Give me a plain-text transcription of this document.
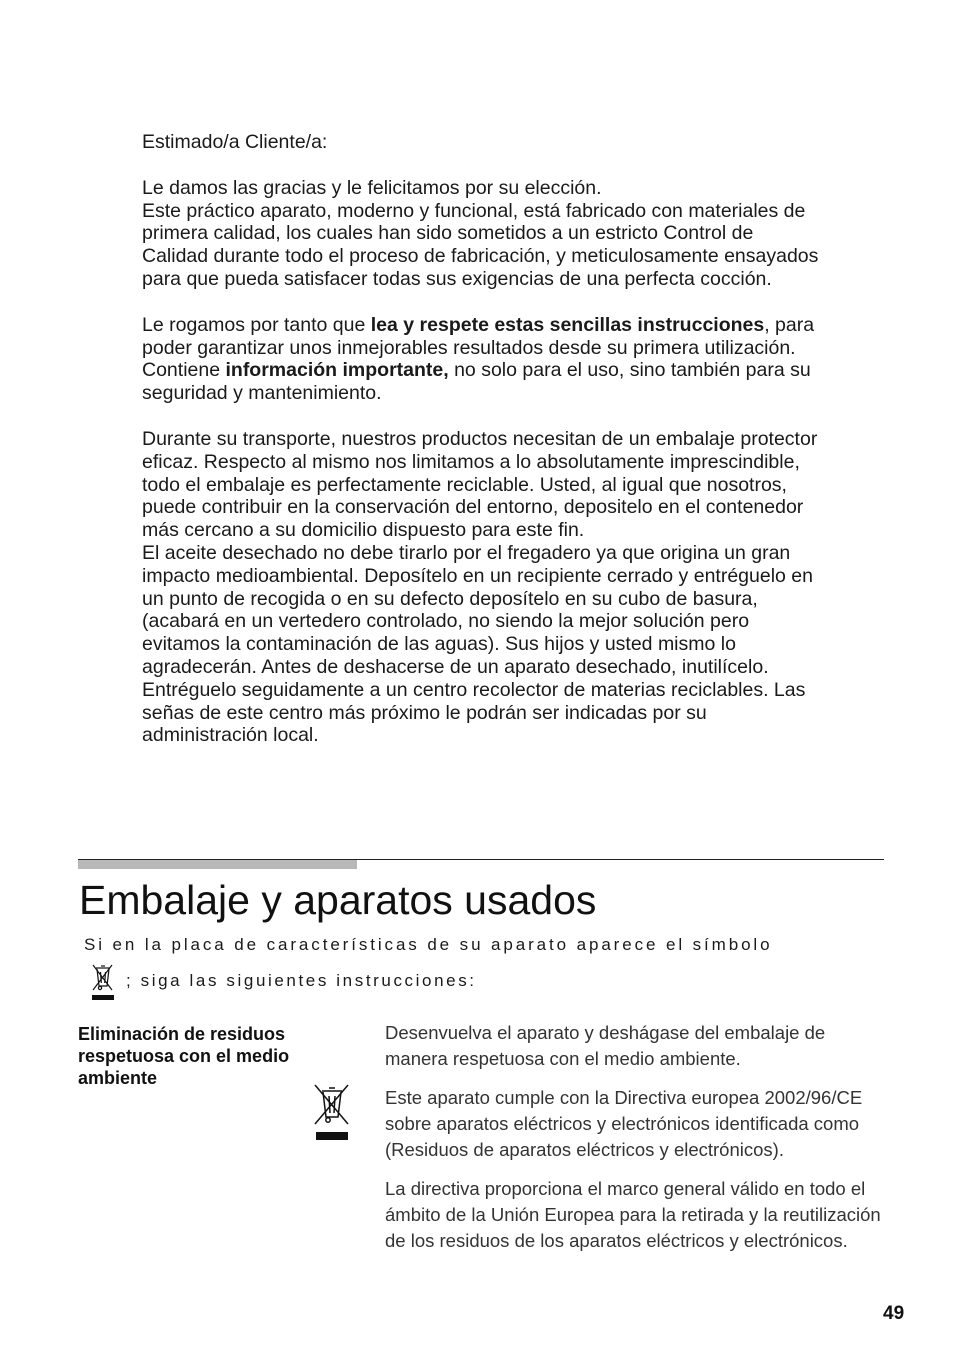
Estimado/a Cliente/a:

Le damos las gracias y le felicitamos por su elección.
Este práctico aparato, moderno y funcional, está fabricado con materiales de primera calidad, los cuales han sido sometidos a un estricto Control de Calidad durante todo el proceso de fabricación, y meticulosamente ensayados para que pueda satisfacer todas sus exigencias de una perfecta cocción.

Le rogamos por tanto que lea y respete estas sencillas instrucciones, para poder garantizar unos inmejorables resultados desde su primera utilización. Contiene información importante, no solo para el uso, sino también para su seguridad y mantenimiento.

Durante su transporte, nuestros productos necesitan de un embalaje protector eficaz. Respecto al mismo nos limitamos a lo absolutamente imprescindible, todo el embalaje es perfectamente reciclable. Usted, al igual que nosotros, puede contribuir en la conservación del entorno, depositelo en el contenedor más cercano a su domicilio dispuesto para este fin.

El aceite desechado no debe tirarlo por el fregadero ya que origina un gran impacto medioambiental. Deposítelo en un recipiente cerrado y entréguelo en un punto de recogida o en su defecto deposítelo en su cubo de basura, (acabará en un vertedero controlado, no siendo la mejor solución pero evitamos la contaminación de las aguas). Sus hijos y usted mismo lo agradecerán. Antes de deshacerse de un aparato desechado, inutilícelo. Entréguelo seguidamente a un centro recolector de materias reciclables. Las señas de este centro más próximo le podrán ser indicadas por su administración local.

Embalaje y aparatos usados
Si en la placa de características de su aparato aparece el símbolo
; siga las siguientes instrucciones:

Eliminación de residuos respetuosa con el medio ambiente

Desenvuelva el aparato y deshágase del embalaje de manera respetuosa con el medio ambiente.

Este aparato cumple con la Directiva europea 2002/96/CE sobre aparatos eléctricos y electrónicos identificada como (Residuos de aparatos eléctricos y electrónicos).

La directiva proporciona el marco general válido en todo el ámbito de la Unión Europea para la retirada y la reutilización de los residuos de los aparatos eléctricos y electrónicos.

49
